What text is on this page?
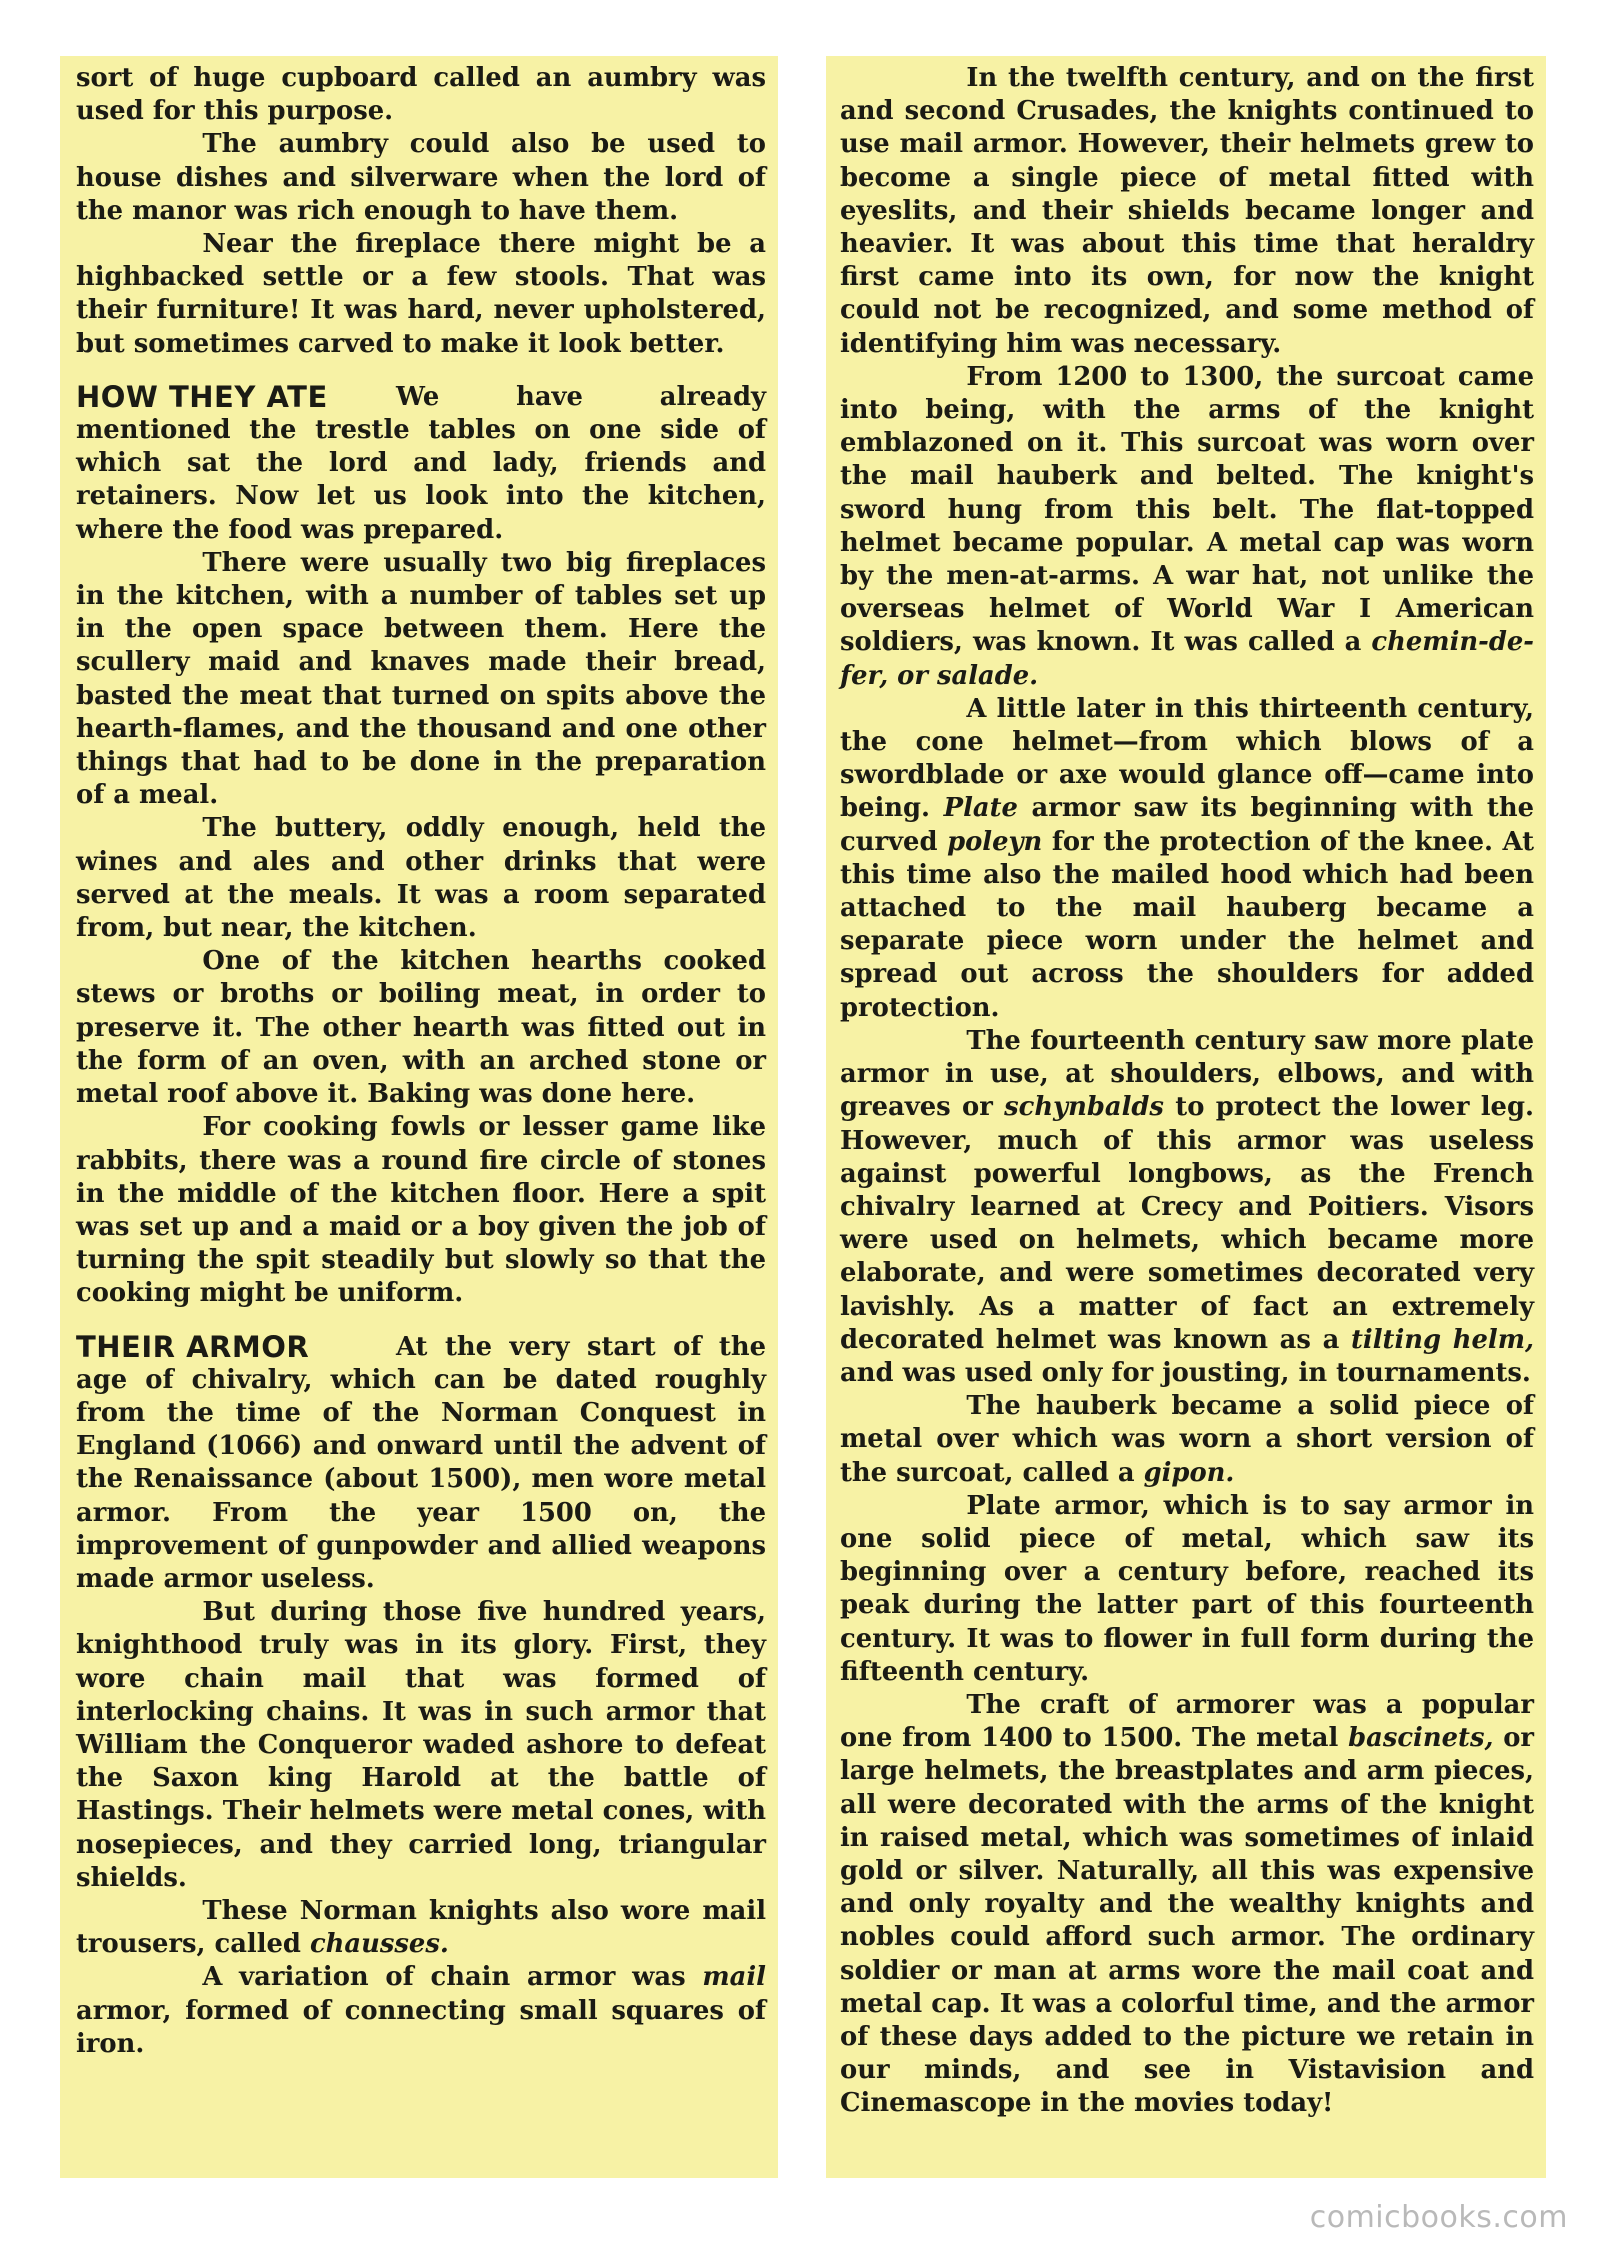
sort of huge cupboard called an aumbry was used for this purpose.

The aumbry could also be used to house dishes and silverware when the lord of the manor was rich enough to have them.

Near the fireplace there might be a highbacked settle or a few stools. That was their furniture! It was hard, never upholstered, but sometimes carved to make it look better.

HOW THEY ATE	We have already mentioned the trestle tables on one side of which sat the lord and lady, friends and retainers. Now let us look into the kitchen, where the food was prepared.

There were usually two big fireplaces in the kitchen, with a number of tables set up in the open space between them. Here the scullery maid and knaves made their bread, basted the meat that turned on spits above the hearth-flames, and the thousand and one other things that had to be done in the preparation of a meal.

The buttery, oddly enough, held the wines and ales and other drinks that were served at the meals. It was a room separated from, but near, the kitchen.

One of the kitchen hearths cooked stews or broths or boiling meat, in order to preserve it. The other hearth was fitted out in the form of an oven, with an arched stone or metal roof above it. Baking was done here.

For cooking fowls or lesser game like rabbits, there was a round fire circle of stones in the middle of the kitchen floor. Here a spit was set up and a maid or a boy given the job of turning the spit steadily but slowly so that the cooking might be uniform.

THEIR ARMOR	At the very start of the age of chivalry, which can be dated roughly from the time of the Norman Conquest in England (1066) and onward until the advent of the Renaissance (about 1500), men wore metal armor. From the year 1500 on, the improvement of gunpowder and allied weapons made armor useless.

But during those five hundred years, knighthood truly was in its glory. First, they wore chain mail that was formed of interlocking chains. It was in such armor that William the Conqueror waded ashore to defeat the Saxon king Harold at the battle of Hastings. Their helmets were metal cones, with nosepieces, and they carried long, triangular shields.

These Norman knights also wore mail trousers, called chausses.

A variation of chain armor was mail armor, formed of connecting small squares of iron.

In the twelfth century, and on the first and second Crusades, the knights continued to use mail armor. However, their helmets grew to become a single piece of metal fitted with eyeslits, and their shields became longer and heavier. It was about this time that heraldry first came into its own, for now the knight could not be recognized, and some method of identifying him was necessary.

From 1200 to 1300, the surcoat came into being, with the arms of the knight emblazoned on it. This surcoat was worn over the mail hauberk and belted. The knight's sword hung from this belt. The flat-topped helmet became popular. A metal cap was worn by the men-at-arms. A war hat, not unlike the overseas helmet of World War I American soldiers, was known. It was called a chemin-de-fer, or salade.

A little later in this thirteenth century, the cone helmet—from which blows of a swordblade or axe would glance off—came into being. Plate armor saw its beginning with the curved poleyn for the protection of the knee. At this time also the mailed hood which had been attached to the mail hauberg became a separate piece worn under the helmet and spread out across the shoulders for added protection.

The fourteenth century saw more plate armor in use, at shoulders, elbows, and with greaves or schynbalds to protect the lower leg. However, much of this armor was useless against powerful longbows, as the French chivalry learned at Crecy and Poitiers. Visors were used on helmets, which became more elaborate, and were sometimes decorated very lavishly. As a matter of fact an extremely decorated helmet was known as a tilting helm, and was used only for jousting, in tournaments.

The hauberk became a solid piece of metal over which was worn a short version of the surcoat, called a gipon.

Plate armor, which is to say armor in one solid piece of metal, which saw its beginning over a century before, reached its peak during the latter part of this fourteenth century. It was to flower in full form during the fifteenth century.

The craft of armorer was a popular one from 1400 to 1500. The metal bascinets, or large helmets, the breastplates and arm pieces, all were decorated with the arms of the knight in raised metal, which was sometimes of inlaid gold or silver. Naturally, all this was expensive and only royalty and the wealthy knights and nobles could afford such armor. The ordinary soldier or man at arms wore the mail coat and metal cap. It was a colorful time, and the armor of these days added to the picture we retain in our minds, and see in Vistavision and Cinemascope in the movies today!

comicbooks.com
